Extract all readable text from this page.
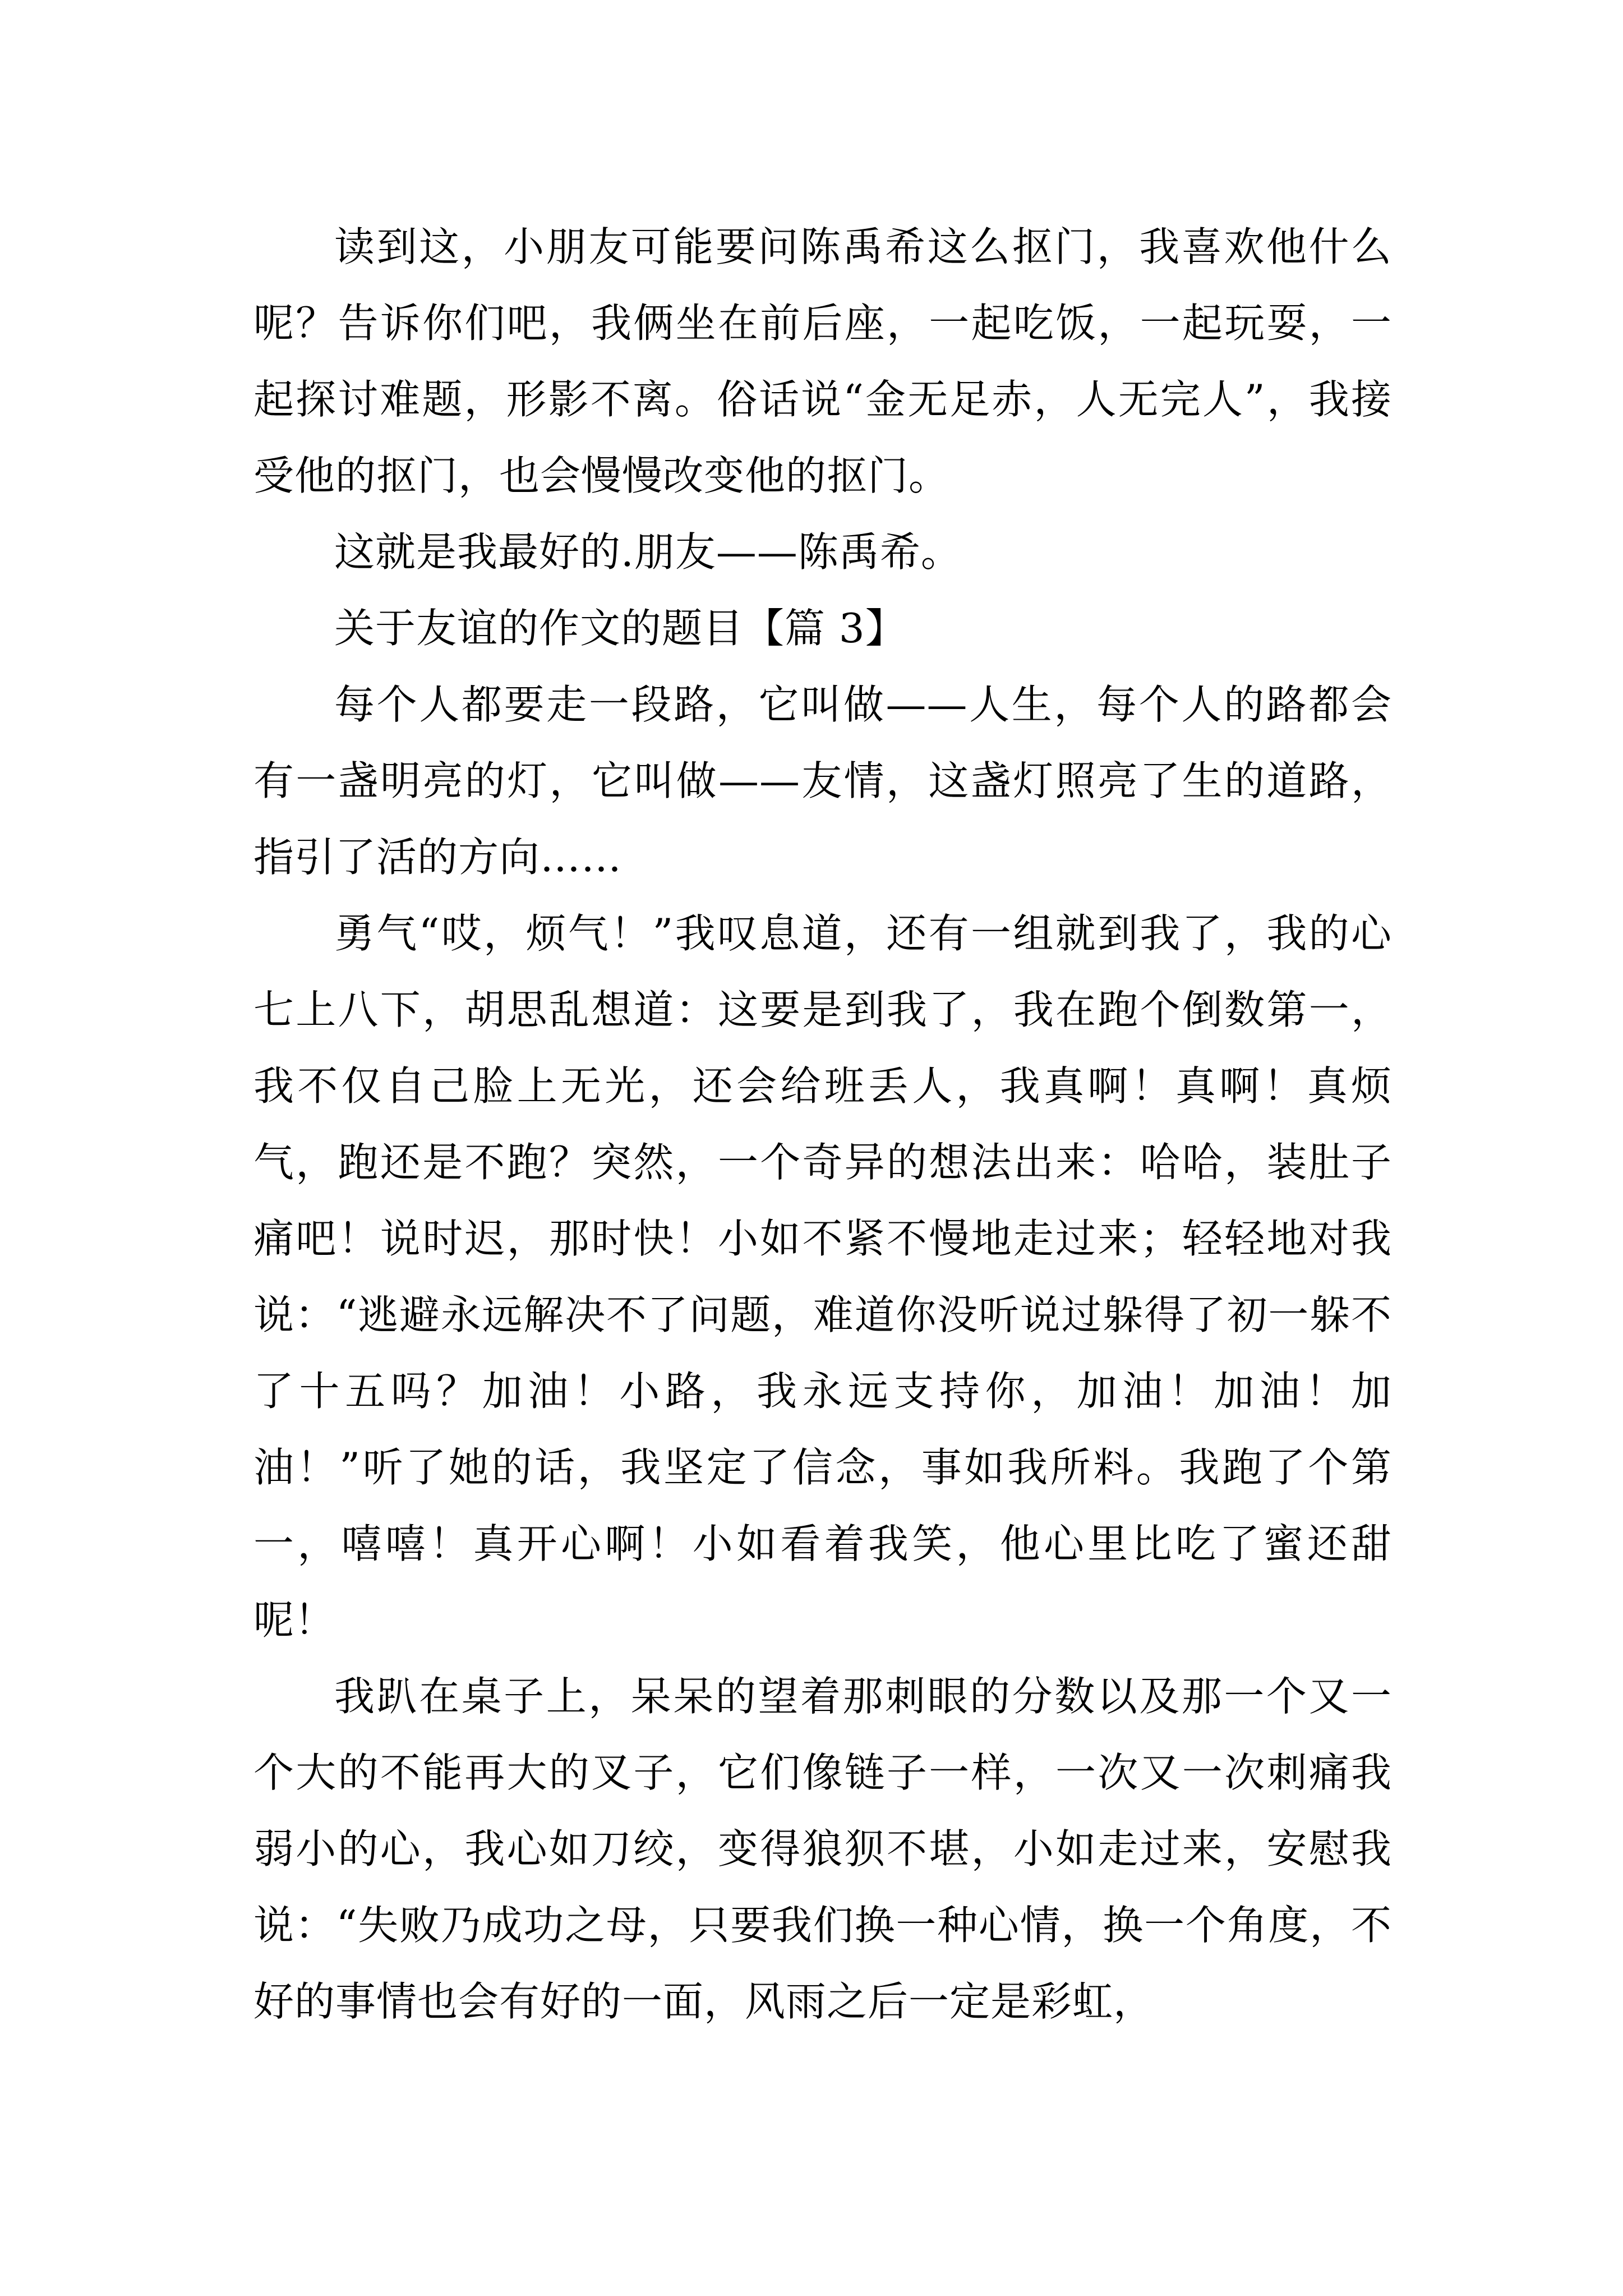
读到这，小朋友可能要问陈禹希这么抠门，我喜欢他什么呢？告诉你们吧，我俩坐在前后座，一起吃饭，一起玩耍，一起探讨难题，形影不离。俗话说“金无足赤，人无完人”，我接受他的抠门，也会慢慢改变他的抠门。

这就是我最好的.朋友——陈禹希。

关于友谊的作文的题目【篇 3】

每个人都要走一段路，它叫做——人生，每个人的路都会有一盏明亮的灯，它叫做——友情，这盏灯照亮了生的道路，指引了活的方向……

勇气“哎，烦气！”我叹息道，还有一组就到我了，我的心七上八下，胡思乱想道：这要是到我了，我在跑个倒数第一，我不仅自己脸上无光，还会给班丢人，我真啊！真啊！真烦气，跑还是不跑？突然，一个奇异的想法出来：哈哈，装肚子痛吧！说时迟，那时快！小如不紧不慢地走过来；轻轻地对我说：“逃避永远解决不了问题，难道你没听说过躲得了初一躲不了十五吗？加油！小路，我永远支持你，加油！加油！加油！”听了她的话，我坚定了信念，事如我所料。我跑了个第一，嘻嘻！真开心啊！小如看着我笑，他心里比吃了蜜还甜呢！

我趴在桌子上，呆呆的望着那刺眼的分数以及那一个又一个大的不能再大的叉子，它们像链子一样，一次又一次刺痛我弱小的心，我心如刀绞，变得狼狈不堪，小如走过来，安慰我说：“失败乃成功之母，只要我们换一种心情，换一个角度，不好的事情也会有好的一面，风雨之后一定是彩虹，
